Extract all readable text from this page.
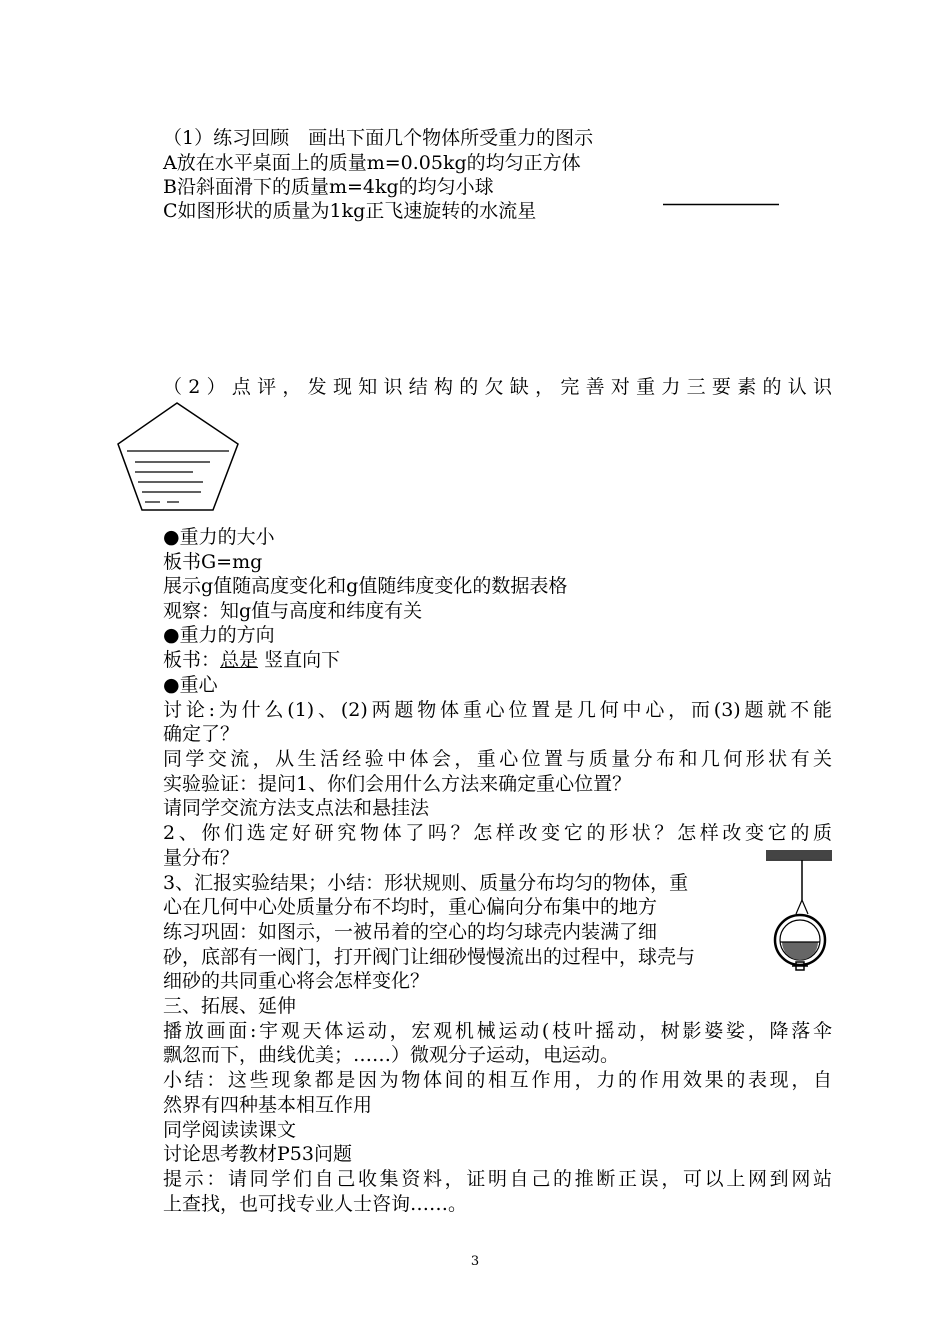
（1）练习回顾　画出下面几个物体所受重力的图示
A放在水平桌面上的质量m=0.05kg的均匀正方体
B沿斜面滑下的质量m=4kg的均匀小球
C如图形状的质量为1kg正飞速旋转的水流星
（2）点评，发现知识结构的欠缺，完善对重力三要素的认识
●重力的大小
板书G=mg
展示g值随高度变化和g值随纬度变化的数据表格
观察：知g值与高度和纬度有关
●重力的方向
板书：总是 竖直向下
●重心
讨论:为什么(1)、(2)两题物体重心位置是几何中心，而(3)题就不能
确定了？
同学交流，从生活经验中体会，重心位置与质量分布和几何形状有关
实验验证：提问1、你们会用什么方法来确定重心位置？
请同学交流方法支点法和悬挂法
2、你们选定好研究物体了吗？怎样改变它的形状？怎样改变它的质
量分布？
3、汇报实验结果；小结：形状规则、质量分布均匀的物体，重
心在几何中心处质量分布不均时，重心偏向分布集中的地方
练习巩固：如图示，一被吊着的空心的均匀球壳内装满了细
砂，底部有一阀门，打开阀门让细砂慢慢流出的过程中，球壳与
细砂的共同重心将会怎样变化？
三、拓展、延伸
播放画面:宇观天体运动，宏观机械运动(枝叶摇动，树影婆娑，降落伞
飘忽而下，曲线优美；……）微观分子运动，电运动。
小结：这些现象都是因为物体间的相互作用，力的作用效果的表现，自
然界有四种基本相互作用
同学阅读读课文
讨论思考教材P53问题
提示：请同学们自己收集资料，证明自己的推断正误，可以上网到网站
上查找，也可找专业人士咨询……。
3
